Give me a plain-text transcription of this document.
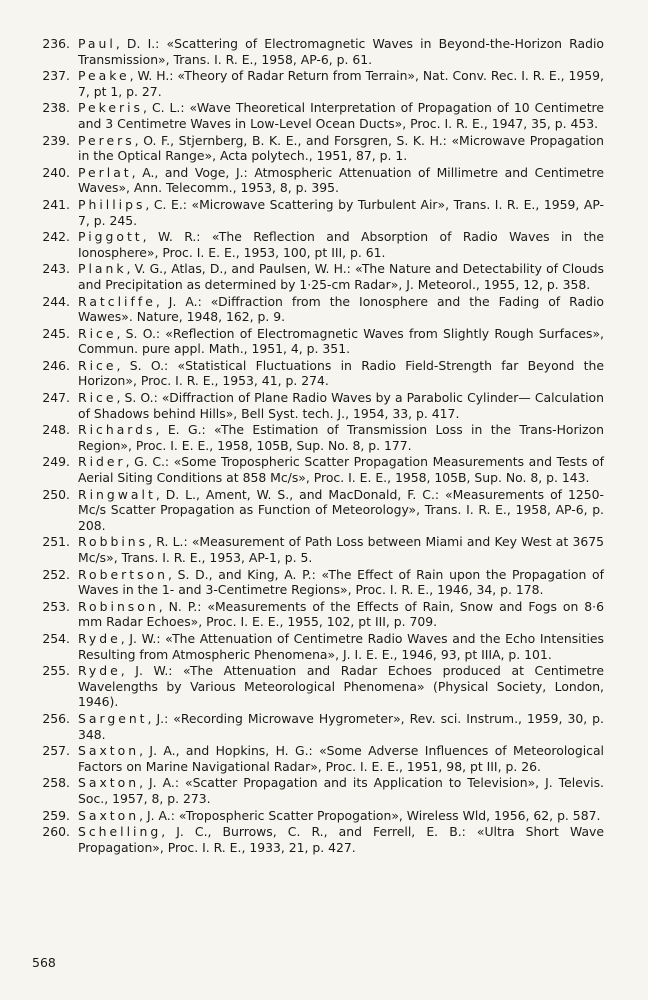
236. Paul, D. I.: «Scattering of Electromagnetic Waves in Beyond-the-Horizon Radio Transmission», Trans. I. R. E., 1958, AP-6, p. 61.
237. Peake, W. H.: «Theory of Radar Return from Terrain», Nat. Conv. Rec. I. R. E., 1959, 7, pt 1, p. 27.
238. Pekeris, C. L.: «Wave Theoretical Interpretation of Propagation of 10 Centimetre and 3 Centimetre Waves in Low-Level Ocean Ducts», Proc. I. R. E., 1947, 35, p. 453.
239. Perers, O. F., Stjernberg, B. K. E., and Forsgren, S. K. H.: «Microwave Propagation in the Optical Range», Acta polytech., 1951, 87, p. 1.
240. Perlat, A., and Voge, J.: Atmospheric Attenuation of Millimetre and Centimetre Waves», Ann. Telecomm., 1953, 8, p. 395.
241. Phillips, C. E.: «Microwave Scattering by Turbulent Air», Trans. I. R. E., 1959, AP-7, p. 245.
242. Piggott, W. R.: «The Reflection and Absorption of Radio Waves in the Ionosphere», Proc. I. E. E., 1953, 100, pt III, p. 61.
243. Plank, V. G., Atlas, D., and Paulsen, W. H.: «The Nature and Detectability of Clouds and Precipitation as determined by 1·25-cm Radar», J. Meteorol., 1955, 12, p. 358.
244. Ratcliffe, J. A.: «Diffraction from the Ionosphere and the Fading of Radio Wawes». Nature, 1948, 162, p. 9.
245. Rice, S. O.: «Reflection of Electromagnetic Waves from Slightly Rough Surfaces», Commun. pure appl. Math., 1951, 4, p. 351.
246. Rice, S. O.: «Statistical Fluctuations in Radio Field-Strength far Beyond the Horizon», Proc. I. R. E., 1953, 41, p. 274.
247. Rice, S. O.: «Diffraction of Plane Radio Waves by a Parabolic Cylinder— Calculation of Shadows behind Hills», Bell Syst. tech. J., 1954, 33, p. 417.
248. Richards, E. G.: «The Estimation of Transmission Loss in the Trans-Horizon Region», Proc. I. E. E., 1958, 105B, Sup. No. 8, p. 177.
249. Rider, G. C.: «Some Tropospheric Scatter Propagation Measurements and Tests of Aerial Siting Conditions at 858 Mc/s», Proc. I. E. E., 1958, 105B, Sup. No. 8, p. 143.
250. Ringwalt, D. L., Ament, W. S., and MacDonald, F. C.: «Measurements of 1250-Mc/s Scatter Propagation as Function of Meteorology», Trans. I. R. E., 1958, AP-6, p. 208.
251. Robbins, R. L.: «Measurement of Path Loss between Miami and Key West at 3675 Mc/s», Trans. I. R. E., 1953, AP-1, p. 5.
252. Robertson, S. D., and King, A. P.: «The Effect of Rain upon the Propagation of Waves in the 1- and 3-Centimetre Regions», Proc. I. R. E., 1946, 34, p. 178.
253. Robinson, N. P.: «Measurements of the Effects of Rain, Snow and Fogs on 8·6 mm Radar Echoes», Proc. I. E. E., 1955, 102, pt III, p. 709.
254. Ryde, J. W.: «The Attenuation of Centimetre Radio Waves and the Echo Intensities Resulting from Atmospheric Phenomena», J. I. E. E., 1946, 93, pt IIIA, p. 101.
255. Ryde, J. W.: «The Attenuation and Radar Echoes produced at Centimetre Wavelengths by Various Meteorological Phenomena» (Physical Society, London, 1946).
256. Sargent, J.: «Recording Microwave Hygrometer», Rev. sci. Instrum., 1959, 30, p. 348.
257. Saxton, J. A., and Hopkins, H. G.: «Some Adverse Influences of Meteorological Factors on Marine Navigational Radar», Proc. I. E. E., 1951, 98, pt III, p. 26.
258. Saxton, J. A.: «Scatter Propagation and its Application to Television», J. Televis. Soc., 1957, 8, p. 273.
259. Saxton, J. A.: «Tropospheric Scatter Propogation», Wireless Wld, 1956, 62, p. 587.
260. Schelling, J. C., Burrows, C. R., and Ferrell, E. B.: «Ultra Short Wave Propagation», Proc. I. R. E., 1933, 21, p. 427.
568
